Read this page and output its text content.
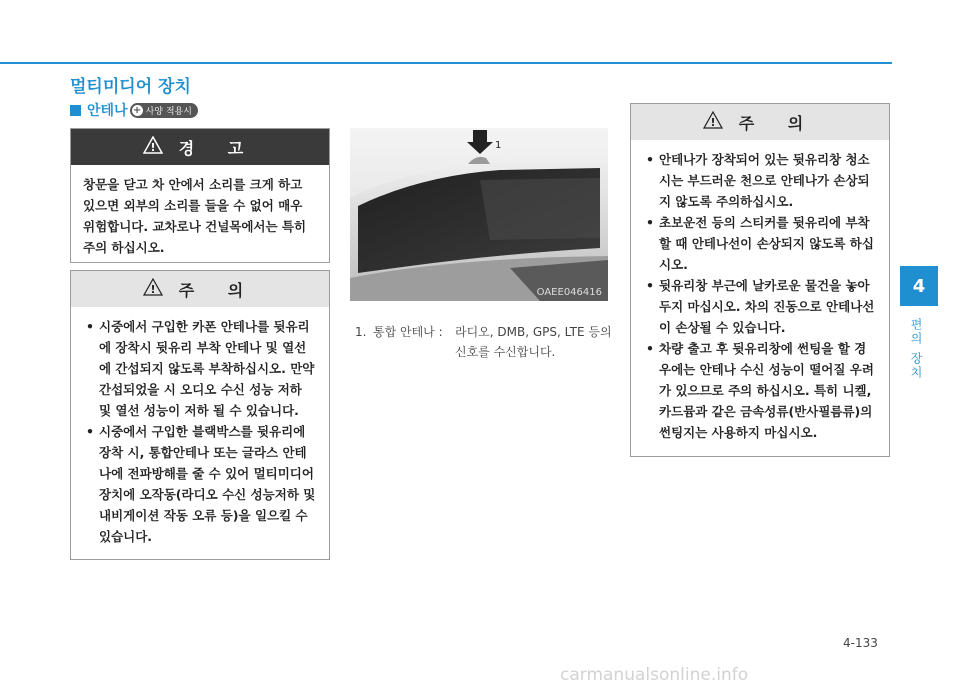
멀티미디어 장치
안테나 + 사양 적용시
! 경 고
창문을 닫고 차 안에서 소리를 크게 하고 있으면 외부의 소리를 들을 수 없어 매우 위험합니다. 교차로나 건널목에서는 특히 주의 하십시오.
! 주 의
• 시중에서 구입한 카폰 안테나를 뒷유리에 장착시 뒷유리 부착 안테나 및 열선에 간섭되지 않도록 부착하십시오. 만약 간섭되었을 시 오디오 수신 성능 저하 및 열선 성능이 저하 될 수 있습니다.
• 시중에서 구입한 블랙박스를 뒷유리에 장착 시, 통합안테나 또는 글라스 안테나에 전파방해를 줄 수 있어 멀티미디어 장치에 오작동(라디오 수신 성능저하 및 내비게이션 작동 오류 등)을 일으킬 수 있습니다.
1
OAEE046416
1. 통합 안테나 :	라디오, DMB, GPS, LTE 등의 신호를 수신합니다.
! 주 의
• 안테나가 장착되어 있는 뒷유리창 청소 시는 부드러운 천으로 안테나가 손상되지 않도록 주의하십시오.
• 초보운전 등의 스티커를 뒷유리에 부착할 때 안테나선이 손상되지 않도록 하십시오.
• 뒷유리창 부근에 날카로운 물건을 놓아두지 마십시오. 차의 진동으로 안테나선이 손상될 수 있습니다.
• 차량 출고 후 뒷유리창에 썬팅을 할 경우에는 안테나 수신 성능이 떨어질 우려가 있으므로 주의 하십시오. 특히 니켈, 카드뮴과 같은 금속성류(반사필름류)의 썬팅지는 사용하지 마십시오.
4
편의 장치
4-133
carmanualsonline.info
